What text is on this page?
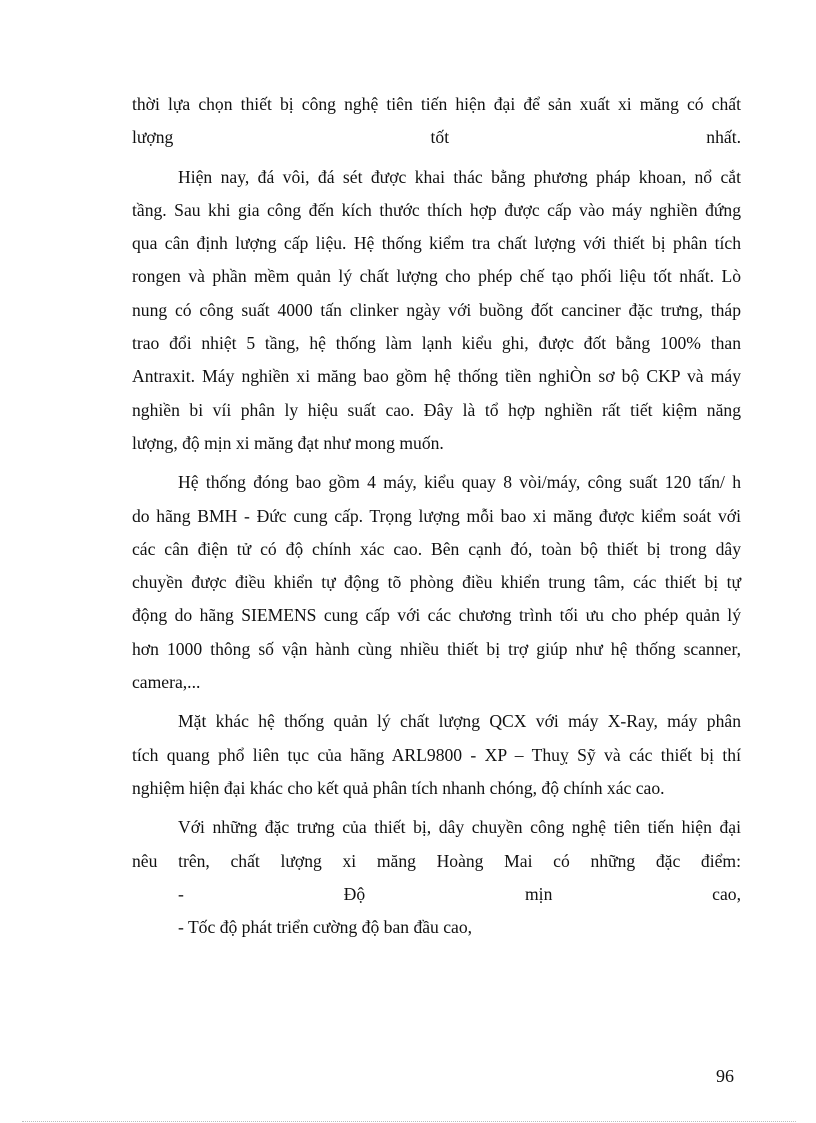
thời lựa chọn thiết bị công nghệ tiên tiến hiện đại để sản xuất xi măng có chất
lượng tốt nhất.
Hiện nay, đá vôi, đá sét được khai thác bằng phương pháp khoan, nổ cắt
tầng. Sau khi gia công đến kích thước thích hợp được cấp vào máy nghiền đứng
qua cân định lượng cấp liệu. Hệ thống kiểm tra chất lượng với thiết bị phân tích
rongen và phần mềm quản lý chất lượng cho phép chế tạo phối liệu tốt nhất. Lò
nung có công suất 4000 tấn clinker ngày với buồng đốt canciner đặc trưng, tháp
trao đổi nhiệt 5 tầng, hệ thống làm lạnh kiểu ghi, được đốt bằng 100% than
Antraxit. Máy nghiền xi măng bao gồm hệ thống tiền nghiÒn sơ bộ CKP và máy
nghiền bi víi phân ly hiệu suất cao. Đây là tổ hợp nghiền rất tiết kiệm năng
lượng, độ mịn xi măng đạt như mong muốn.
Hệ thống đóng bao gồm 4 máy, kiểu quay 8 vòi/máy, công suất 120 tấn/ h
do hãng BMH - Đức cung cấp. Trọng lượng mỗi bao xi măng được kiểm soát với
các cân điện tử có độ chính xác cao. Bên cạnh đó, toàn bộ thiết bị trong dây
chuyền được điều khiển tự động tõ phòng điều khiển trung tâm, các thiết bị tự
động do hãng SIEMENS cung cấp với các chương trình tối ưu cho phép quản lý
hơn 1000 thông số vận hành cùng nhiều thiết bị trợ giúp như hệ thống scanner,
camera,...
Mặt khác hệ thống quản lý chất lượng QCX với máy X-Ray, máy phân
tích quang phổ liên tục của hãng ARL9800 - XP – Thuỵ Sỹ và các thiết bị thí
nghiệm hiện đại khác cho kết quả phân tích nhanh chóng, độ chính xác cao.
Với những đặc trưng của thiết bị, dây chuyền công nghệ tiên tiến hiện đại
nêu trên, chất lượng xi măng Hoàng Mai có những đặc điểm:
- Độ mịn cao,
- Tốc độ phát triển cường độ ban đầu cao,
96
